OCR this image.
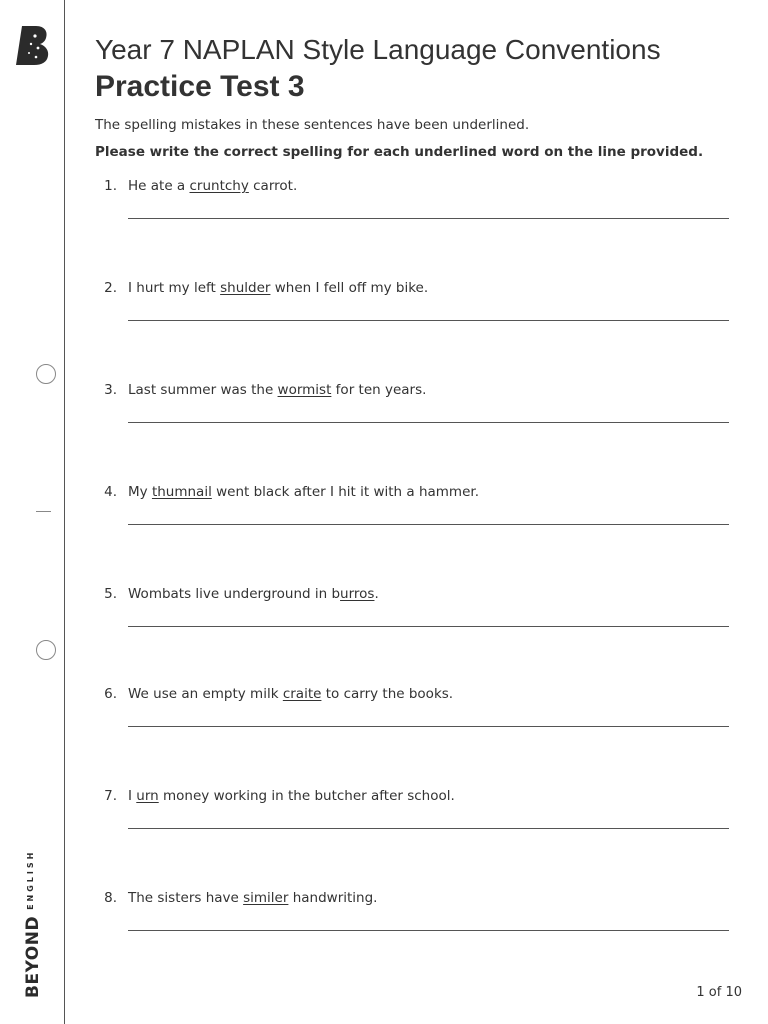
$BEYOND^{ENGLISH}$
Year 7 NAPLAN Style Language Conventions
Practice Test 3
The spelling mistakes in these sentences have been underlined.
Please write the correct spelling for each underlined word on the line provided.
1. He ate a cruntchy carrot.
2. I hurt my left shulder when I fell off my bike.
3. Last summer was the wormist for ten years.
4. My thumnail went black after I hit it with a hammer.
5. Wombats live underground in burros.
6. We use an empty milk craite to carry the books.
7. I urn money working in the butcher after school.
8. The sisters have similer handwriting.
1 of 10
